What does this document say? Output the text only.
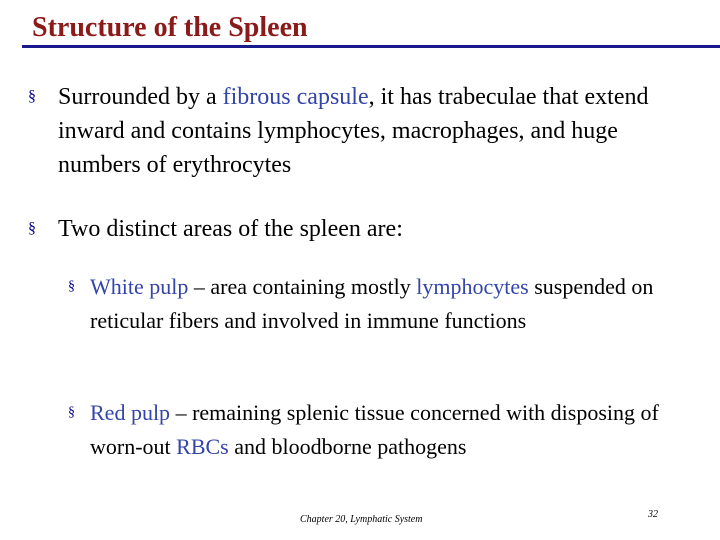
Structure of the Spleen
§ Surrounded by a fibrous capsule, it has trabeculae that extend inward and contains lymphocytes, macrophages, and huge numbers of erythrocytes
§ Two distinct areas of the spleen are:
§ White pulp – area containing mostly lymphocytes suspended on reticular fibers and involved in immune functions
§ Red pulp – remaining splenic tissue concerned with disposing of worn-out RBCs and bloodborne pathogens
Chapter 20, Lymphatic System	32
